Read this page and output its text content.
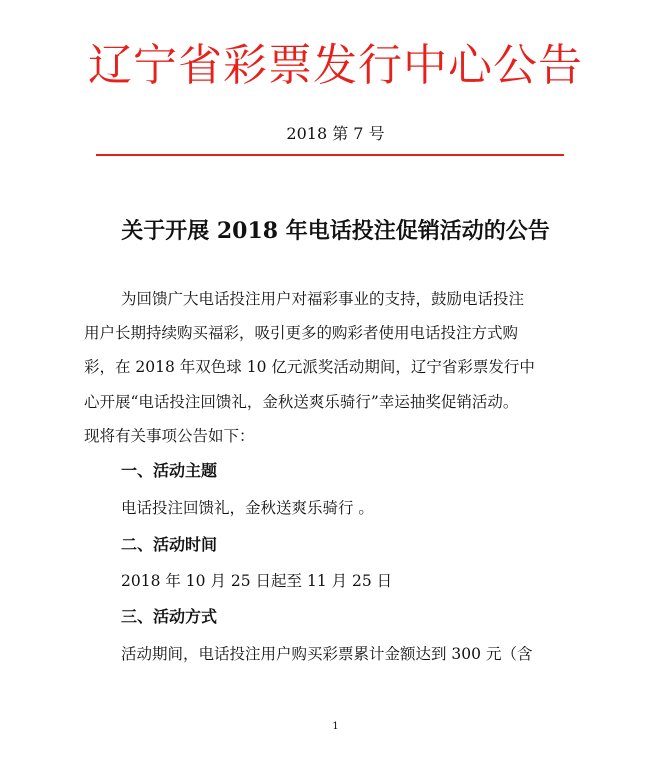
辽宁省彩票发行中心公告
2018 第 7 号
关于开展 2018 年电话投注促销活动的公告
为回馈广大电话投注用户对福彩事业的支持，鼓励电话投注
用户长期持续购买福彩，吸引更多的购彩者使用电话投注方式购
彩，在 2018 年双色球 10 亿元派奖活动期间，辽宁省彩票发行中
心开展“电话投注回馈礼，金秋送爽乐骑行”幸运抽奖促销活动。
现将有关事项公告如下：
一、活动主题
电话投注回馈礼，金秋送爽乐骑行 。
二、活动时间
2018 年 10 月 25 日起至 11 月 25 日
三、活动方式
活动期间，电话投注用户购买彩票累计金额达到 300 元（含
1
